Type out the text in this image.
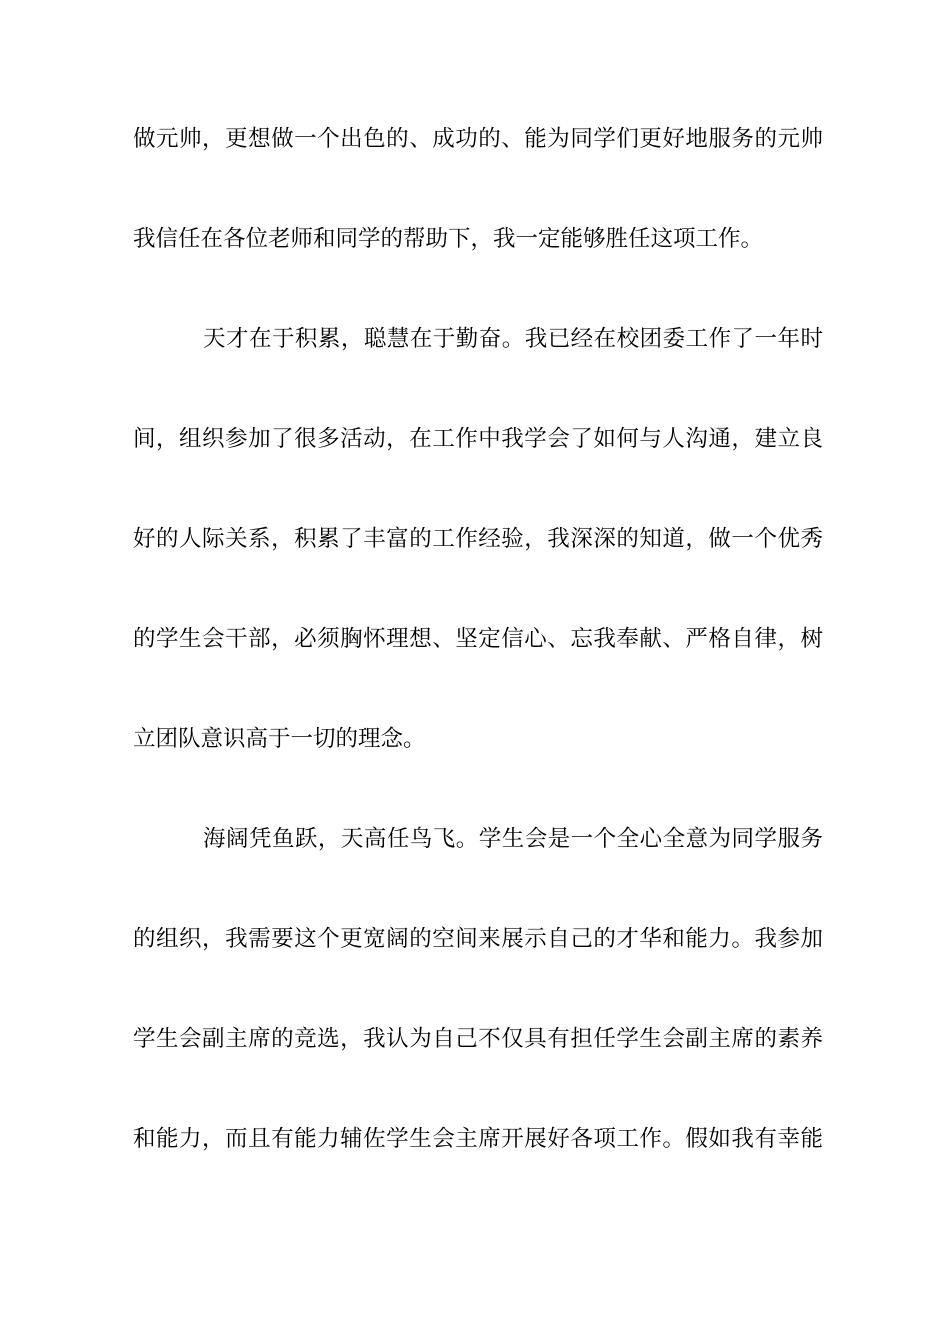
做元帅，更想做一个出色的、成功的、能为同学们更好地服务的元帅
我信任在各位老师和同学的帮助下，我一定能够胜任这项工作。
天才在于积累，聪慧在于勤奋。我已经在校团委工作了一年时
间，组织参加了很多活动，在工作中我学会了如何与人沟通，建立良
好的人际关系，积累了丰富的工作经验，我深深的知道，做一个优秀
的学生会干部，必须胸怀理想、坚定信心、忘我奉献、严格自律，树
立团队意识高于一切的理念。
海阔凭鱼跃，天高任鸟飞。学生会是一个全心全意为同学服务
的组织，我需要这个更宽阔的空间来展示自己的才华和能力。我参加
学生会副主席的竞选，我认为自己不仅具有担任学生会副主席的素养
和能力，而且有能力辅佐学生会主席开展好各项工作。假如我有幸能
